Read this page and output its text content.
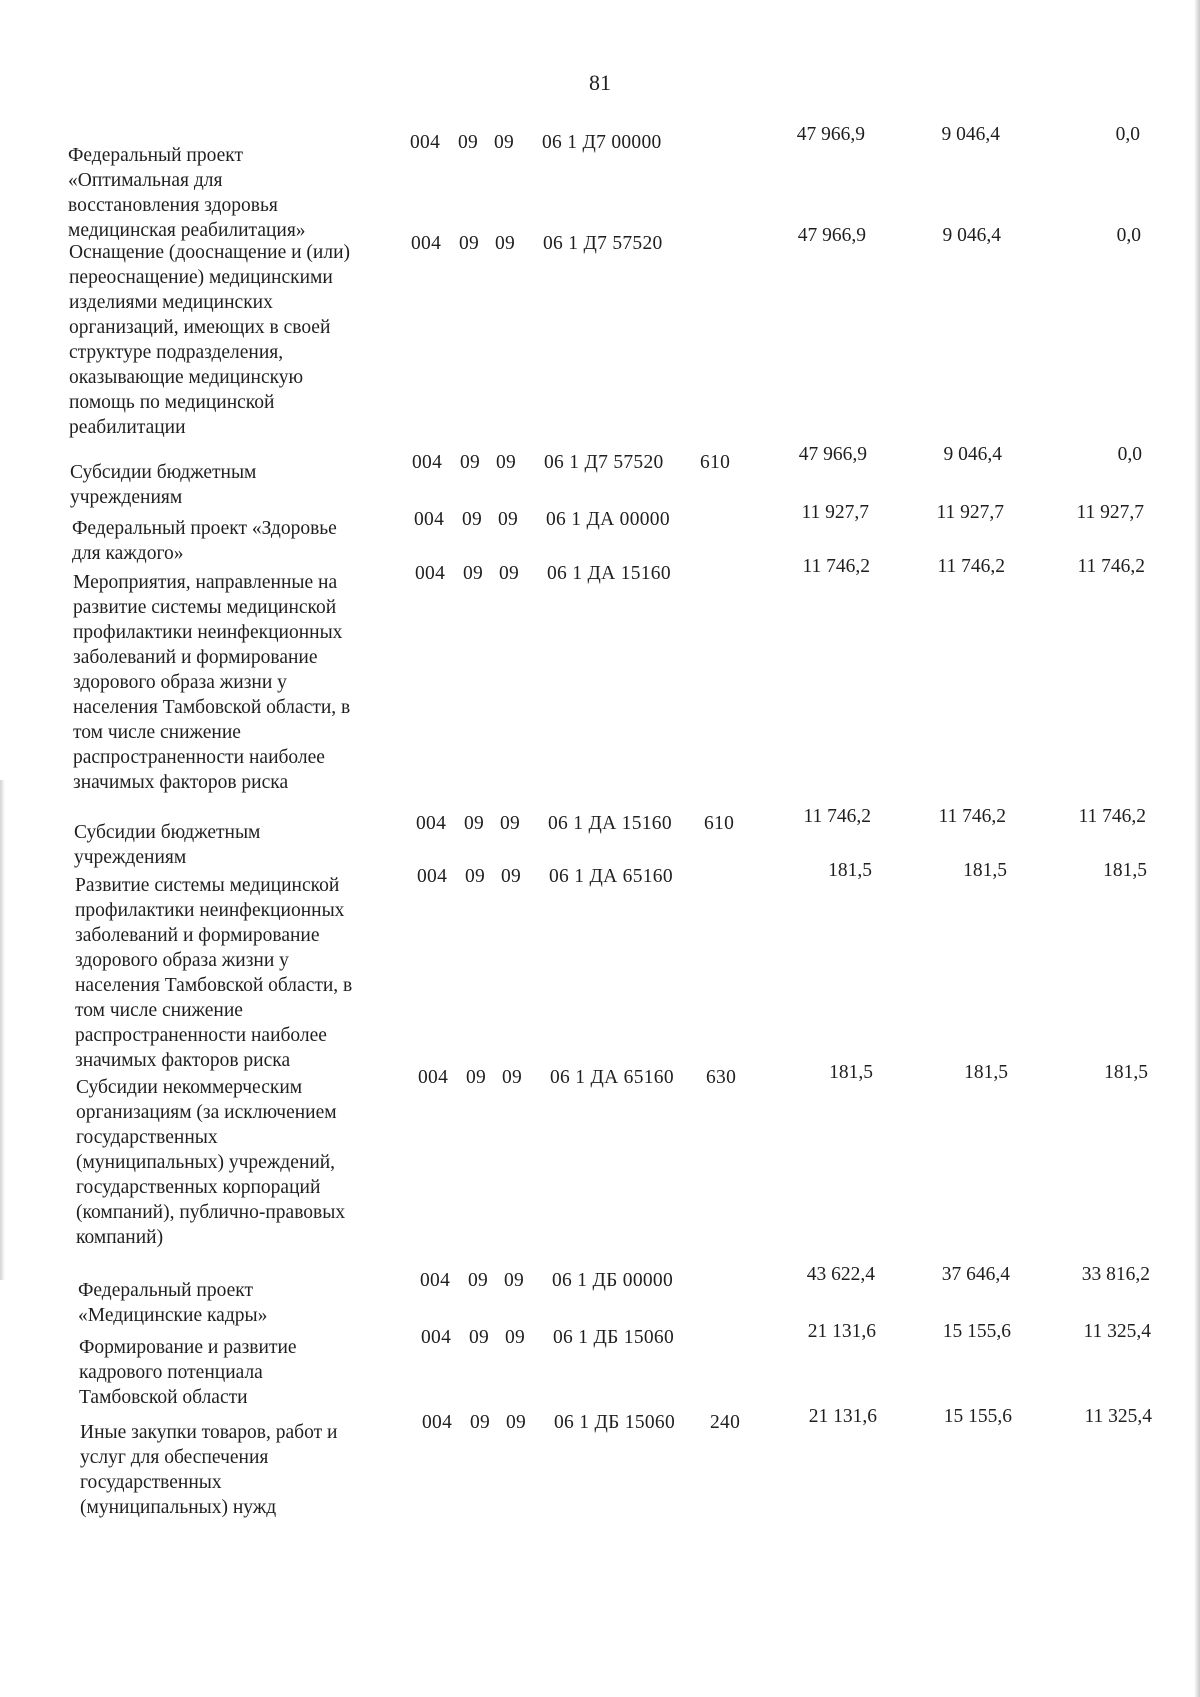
81
Федеральный проект
«Оптимальная для
восстановления здоровья
медицинская реабилитация»
004 09 09 06 1 Д7 00000	47 966,9	9 046,4	0,0
Оснащение (дооснащение и (или)
переоснащение) медицинскими
изделиями медицинских
организаций, имеющих в своей
структуре подразделения,
оказывающие медицинскую
помощь по медицинской
реабилитации
004 09 09 06 1 Д7 57520	47 966,9	9 046,4	0,0
Субсидии бюджетным
учреждениям
004 09 09 06 1 Д7 57520 610	47 966,9	9 046,4	0,0
Федеральный проект «Здоровье
для каждого»
004 09 09 06 1 ДА 00000	11 927,7	11 927,7	11 927,7
Мероприятия, направленные на
развитие системы медицинской
профилактики неинфекционных
заболеваний и формирование
здорового образа жизни у
населения Тамбовской области, в
том числе снижение
распространенности наиболее
значимых факторов риска
004 09 09 06 1 ДА 15160	11 746,2	11 746,2	11 746,2
Субсидии бюджетным
учреждениям
004 09 09 06 1 ДА 15160 610	11 746,2	11 746,2	11 746,2
Развитие системы медицинской
профилактики неинфекционных
заболеваний и формирование
здорового образа жизни у
населения Тамбовской области, в
том числе снижение
распространенности наиболее
значимых факторов риска
004 09 09 06 1 ДА 65160	181,5	181,5	181,5
Субсидии некоммерческим
организациям (за исключением
государственных
(муниципальных) учреждений,
государственных корпораций
(компаний), публично-правовых
компаний)
004 09 09 06 1 ДА 65160 630	181,5	181,5	181,5
Федеральный проект
«Медицинские кадры»
004 09 09 06 1 ДБ 00000	43 622,4	37 646,4	33 816,2
Формирование и развитие
кадрового потенциала
Тамбовской области
004 09 09 06 1 ДБ 15060	21 131,6	15 155,6	11 325,4
Иные закупки товаров, работ и
услуг для обеспечения
государственных
(муниципальных) нужд
004 09 09 06 1 ДБ 15060 240	21 131,6	15 155,6	11 325,4
